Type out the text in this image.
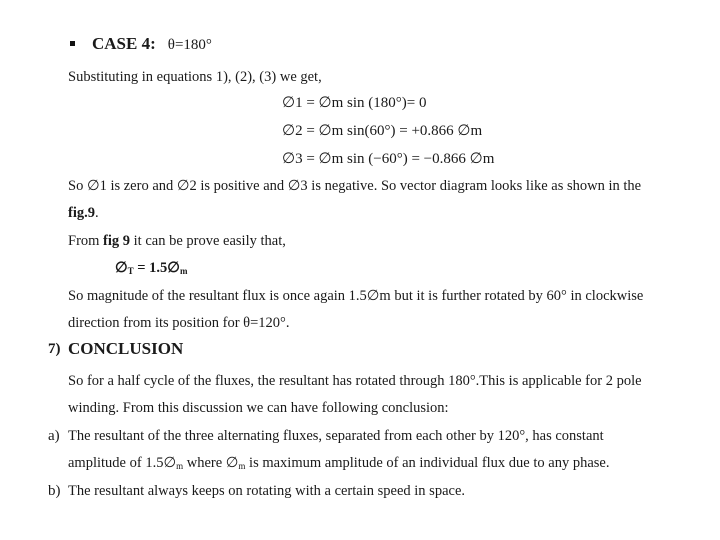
CASE 4: θ=180°
Substituting in equations 1), (2), (3) we get,
∅1 = ∅m sin (180°)= 0
∅2 = ∅m sin(60°) = +0.866 ∅m
∅3 = ∅m sin (−60°) = −0.866 ∅m
So ∅1 is zero and ∅2 is positive and ∅3 is negative. So vector diagram looks like as shown in the
fig.9.
From fig 9 it can be prove easily that,
$\emptyset_T$ = $1.5\emptyset_m$
So magnitude of the resultant flux is once again 1.5∅m but it is further rotated by 60° in clockwise
direction from its position for θ=120°.
7) CONCLUSION
So for a half cycle of the fluxes, the resultant has rotated through 180°.This is applicable for 2 pole
winding. From this discussion we can have following conclusion:
a) The resultant of the three alternating fluxes, separated from each other by 120°, has constant
amplitude of $1.5\emptyset_m$ where $\emptyset_m$ is maximum amplitude of an individual flux due to any phase.
b) The resultant always keeps on rotating with a certain speed in space.
